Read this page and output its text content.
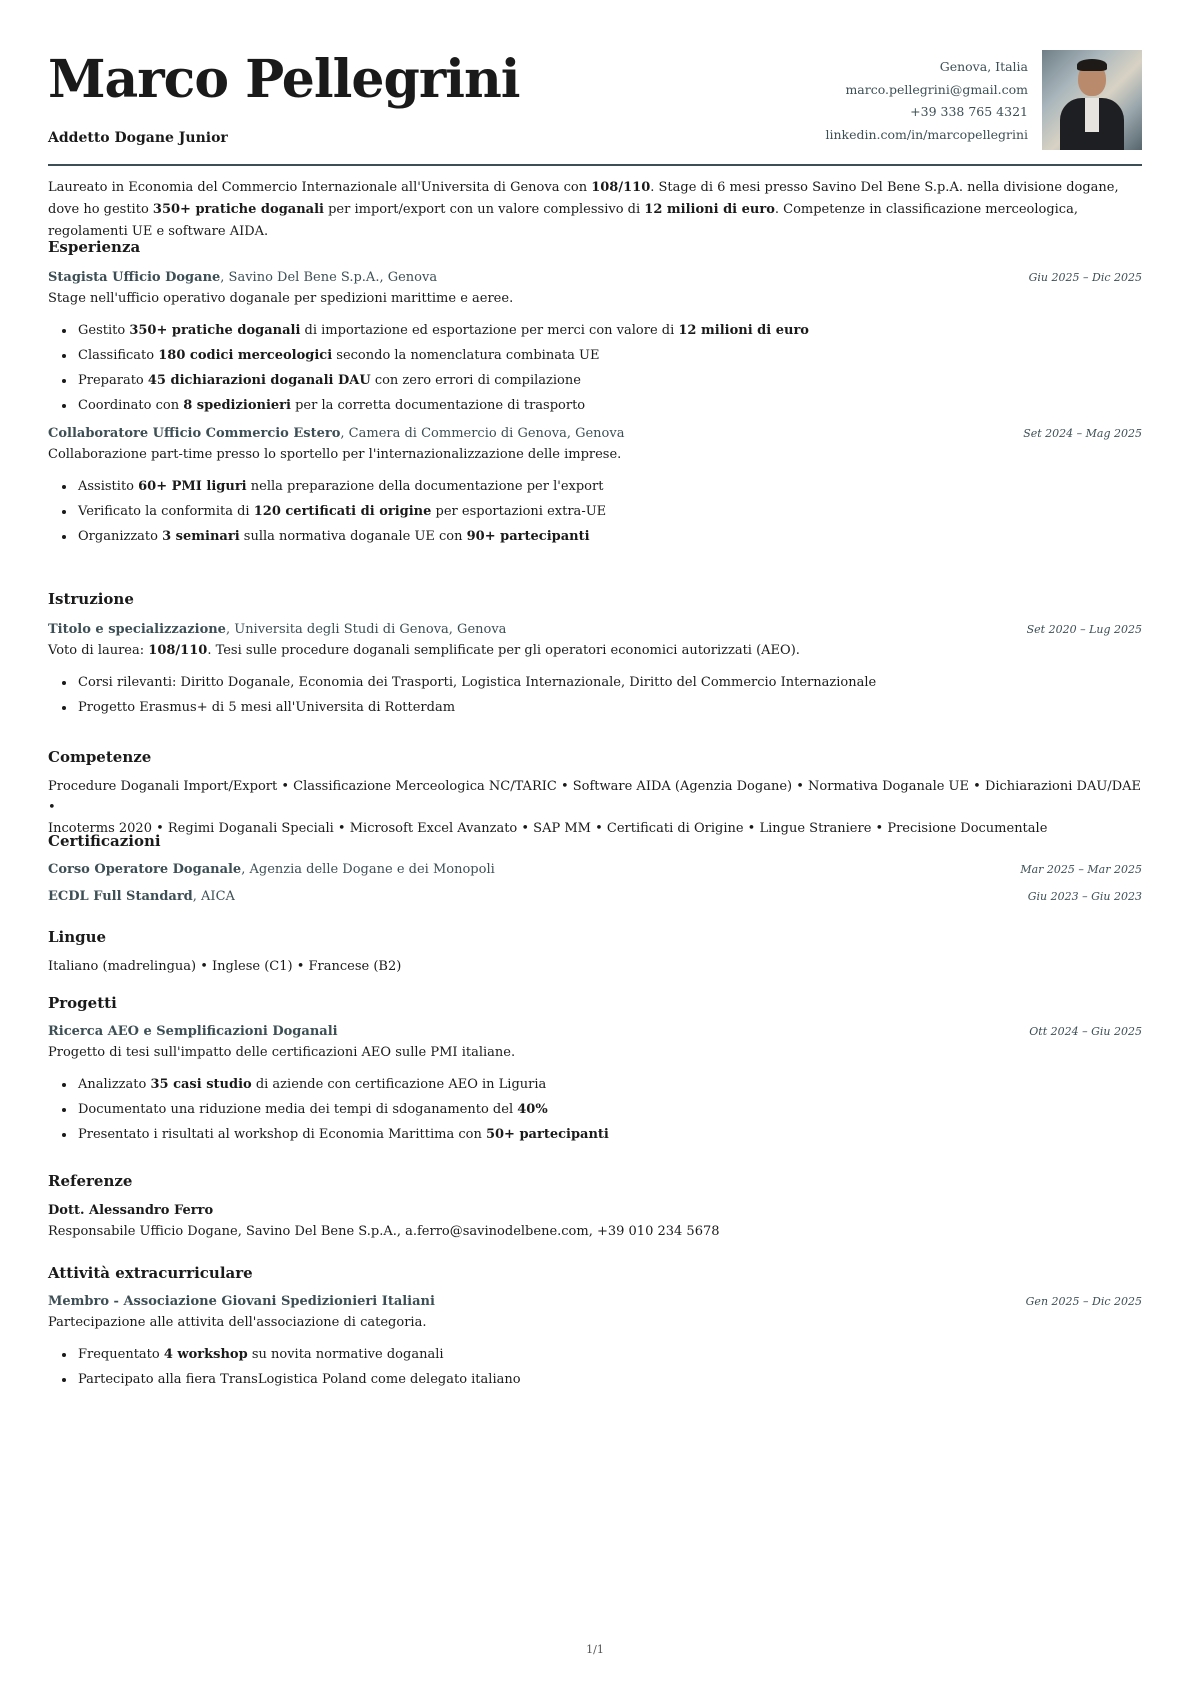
Marco Pellegrini
Addetto Dogane Junior
Genova, Italia
marco.pellegrini@gmail.com
+39 338 765 4321
linkedin.com/in/marcopellegrini
Laureato in Economia del Commercio Internazionale all'Universita di Genova con 108/110. Stage di 6 mesi presso Savino Del Bene S.p.A. nella divisione dogane, dove ho gestito 350+ pratiche doganali per import/export con un valore complessivo di 12 milioni di euro. Competenze in classificazione merceologica, regolamenti UE e software AIDA.
Esperienza
Stagista Ufficio Dogane, Savino Del Bene S.p.A., Genova	Giu 2025 – Dic 2025
Stage nell'ufficio operativo doganale per spedizioni marittime e aeree.
Gestito 350+ pratiche doganali di importazione ed esportazione per merci con valore di 12 milioni di euro
Classificato 180 codici merceologici secondo la nomenclatura combinata UE
Preparato 45 dichiarazioni doganali DAU con zero errori di compilazione
Coordinato con 8 spedizionieri per la corretta documentazione di trasporto
Collaboratore Ufficio Commercio Estero, Camera di Commercio di Genova, Genova	Set 2024 – Mag 2025
Collaborazione part-time presso lo sportello per l'internazionalizzazione delle imprese.
Assistito 60+ PMI liguri nella preparazione della documentazione per l'export
Verificato la conformita di 120 certificati di origine per esportazioni extra-UE
Organizzato 3 seminari sulla normativa doganale UE con 90+ partecipanti
Istruzione
Titolo e specializzazione, Universita degli Studi di Genova, Genova	Set 2020 – Lug 2025
Voto di laurea: 108/110. Tesi sulle procedure doganali semplificate per gli operatori economici autorizzati (AEO).
Corsi rilevanti: Diritto Doganale, Economia dei Trasporti, Logistica Internazionale, Diritto del Commercio Internazionale
Progetto Erasmus+ di 5 mesi all'Universita di Rotterdam
Competenze
Procedure Doganali Import/Export • Classificazione Merceologica NC/TARIC • Software AIDA (Agenzia Dogane) • Normativa Doganale UE • Dichiarazioni DAU/DAE •
Incoterms 2020 • Regimi Doganali Speciali • Microsoft Excel Avanzato • SAP MM • Certificati di Origine • Lingue Straniere • Precisione Documentale
Certificazioni
Corso Operatore Doganale, Agenzia delle Dogane e dei Monopoli	Mar 2025 – Mar 2025
ECDL Full Standard, AICA	Giu 2023 – Giu 2023
Lingue
Italiano (madrelingua) • Inglese (C1) • Francese (B2)
Progetti
Ricerca AEO e Semplificazioni Doganali	Ott 2024 – Giu 2025
Progetto di tesi sull'impatto delle certificazioni AEO sulle PMI italiane.
Analizzato 35 casi studio di aziende con certificazione AEO in Liguria
Documentato una riduzione media dei tempi di sdoganamento del 40%
Presentato i risultati al workshop di Economia Marittima con 50+ partecipanti
Referenze
Dott. Alessandro Ferro
Responsabile Ufficio Dogane, Savino Del Bene S.p.A., a.ferro@savinodelbene.com, +39 010 234 5678
Attività extracurriculare
Membro - Associazione Giovani Spedizionieri Italiani	Gen 2025 – Dic 2025
Partecipazione alle attivita dell'associazione di categoria.
Frequentato 4 workshop su novita normative doganali
Partecipato alla fiera TransLogistica Poland come delegato italiano
1/1
